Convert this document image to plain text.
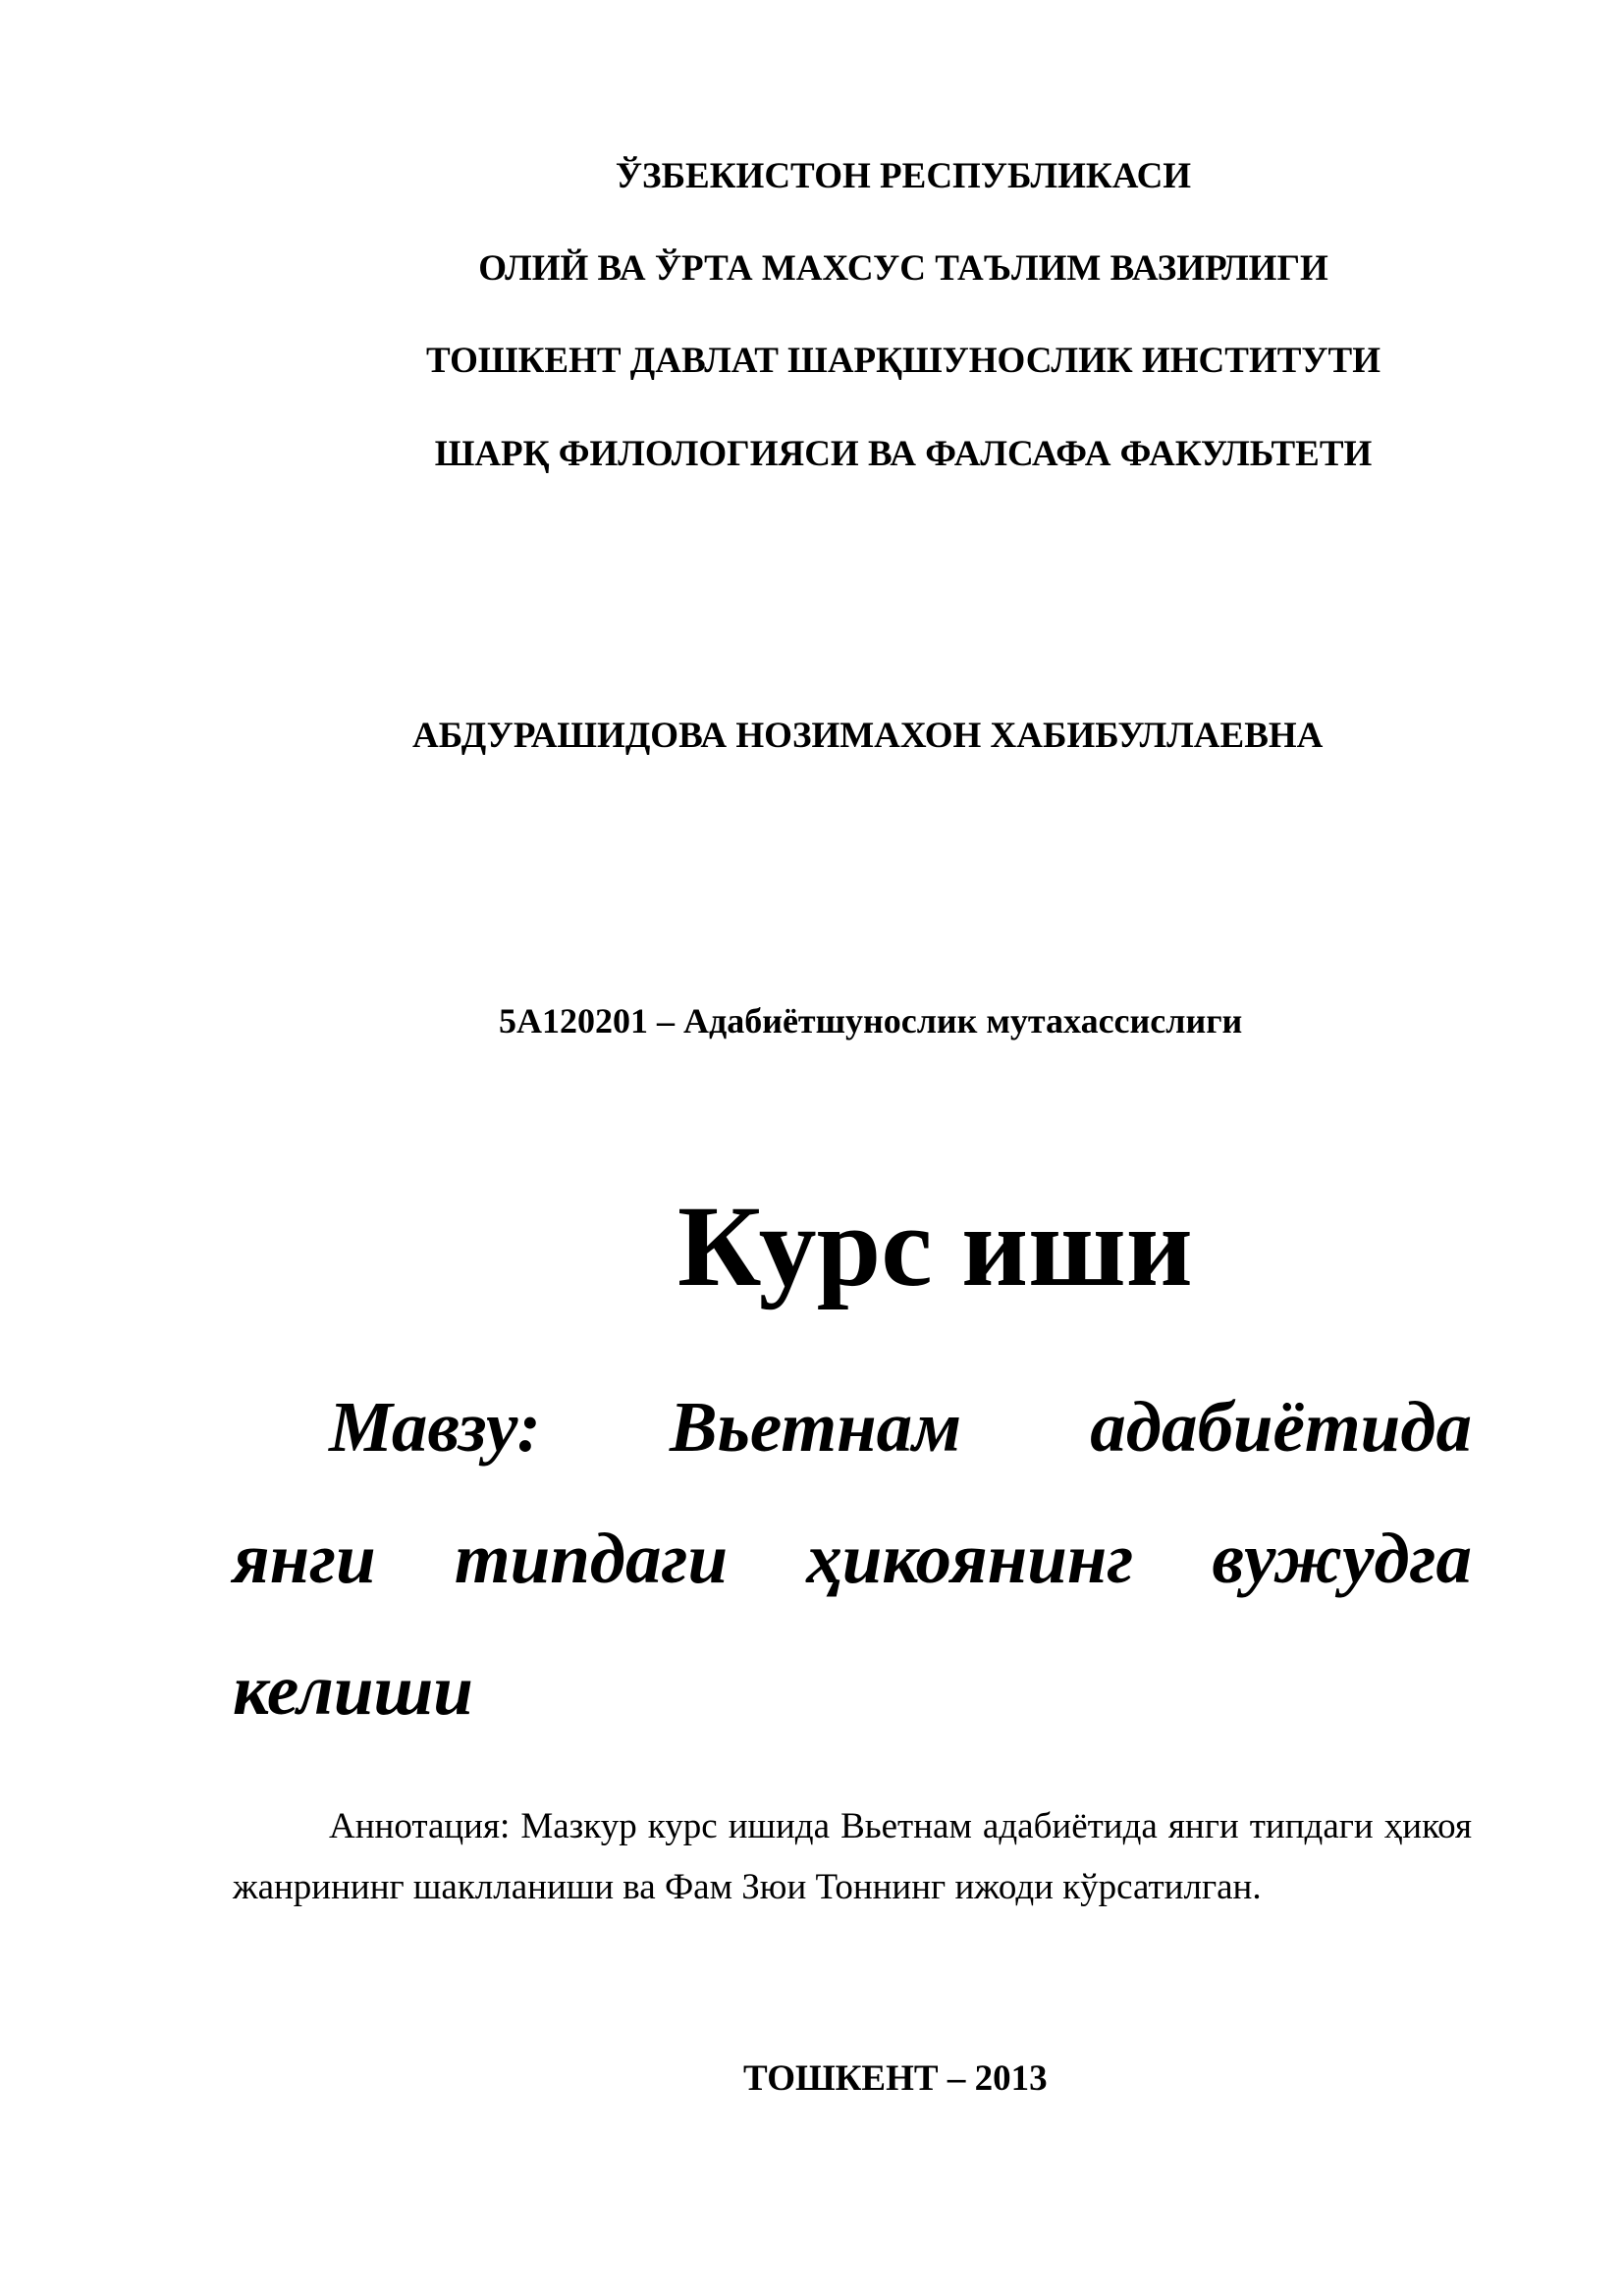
ЎЗБЕКИСТОН РЕСПУБЛИКАСИ
ОЛИЙ ВА ЎРТА МАХСУС ТАЪЛИМ ВАЗИРЛИГИ
ТОШКЕНТ ДАВЛАТ ШАРҚШУНОСЛИК ИНСТИТУТИ
ШАРҚ ФИЛОЛОГИЯСИ ВА ФАЛСАФА ФАКУЛЬТЕТИ
АБДУРАШИДОВА НОЗИМАХОН ХАБИБУЛЛАЕВНА
5А120201 – Адабиётшунослик мутахассислиги
Курс иши
Мавзу: Вьетнам адабиётида
янги типдаги ҳикоянинг вужудга
келиши
Аннотация: Мазкур курс ишида Вьетнам адабиётида янги типдаги ҳикоя жанрининг шаклланиши ва Фам Зюи Тоннинг ижоди кўрсатилган.
ТОШКЕНТ – 2013
